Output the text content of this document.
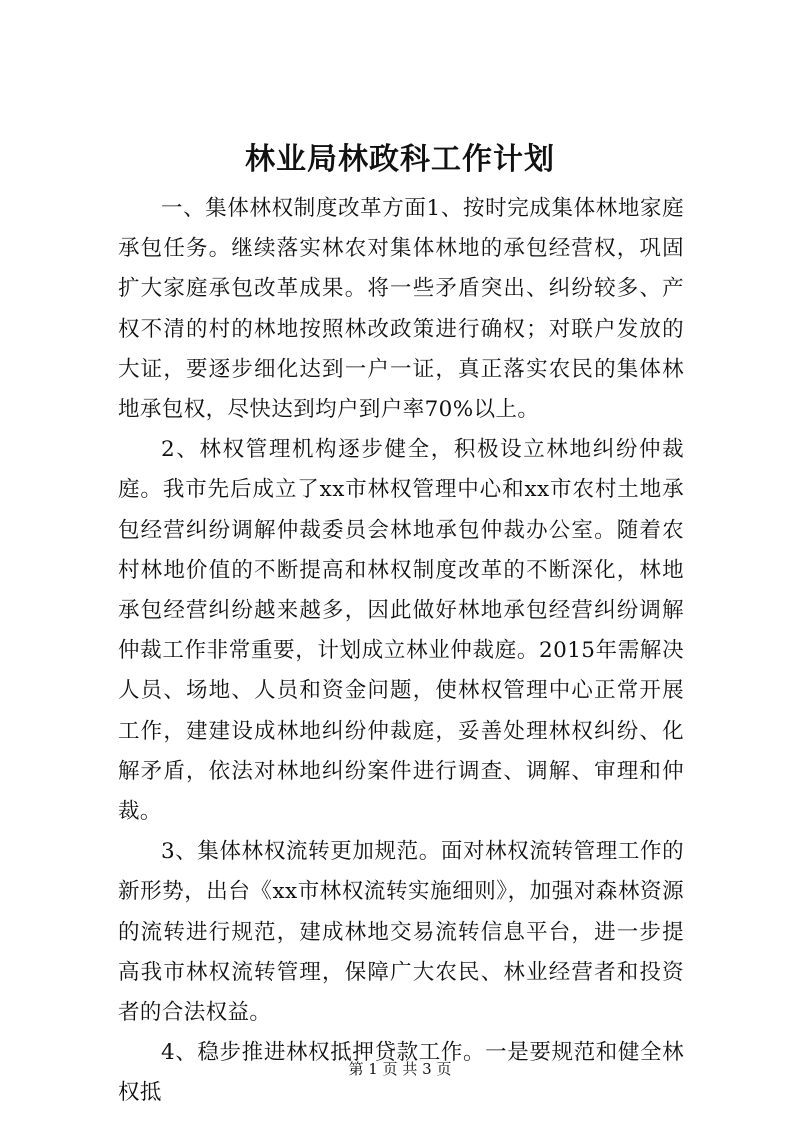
林业局林政科工作计划

一、集体林权制度改革方面1、按时完成集体林地家庭承包任务。继续落实林农对集体林地的承包经营权，巩固扩大家庭承包改革成果。将一些矛盾突出、纠纷较多、产权不清的村的林地按照林改政策进行确权；对联户发放的大证，要逐步细化达到一户一证，真正落实农民的集体林地承包权，尽快达到均户到户率70%以上。

2、林权管理机构逐步健全，积极设立林地纠纷仲裁庭。我市先后成立了xx市林权管理中心和xx市农村土地承包经营纠纷调解仲裁委员会林地承包仲裁办公室。随着农村林地价值的不断提高和林权制度改革的不断深化，林地承包经营纠纷越来越多，因此做好林地承包经营纠纷调解仲裁工作非常重要，计划成立林业仲裁庭。2015年需解决人员、场地、人员和资金问题，使林权管理中心正常开展工作，建建设成林地纠纷仲裁庭，妥善处理林权纠纷、化解矛盾，依法对林地纠纷案件进行调查、调解、审理和仲裁。

3、集体林权流转更加规范。面对林权流转管理工作的新形势，出台《xx市林权流转实施细则》，加强对森林资源的流转进行规范，建成林地交易流转信息平台，进一步提高我市林权流转管理，保障广大农民、林业经营者和投资者的合法权益。

4、稳步推进林权抵押贷款工作。一是要规范和健全林权抵

第 1 页 共 3 页
